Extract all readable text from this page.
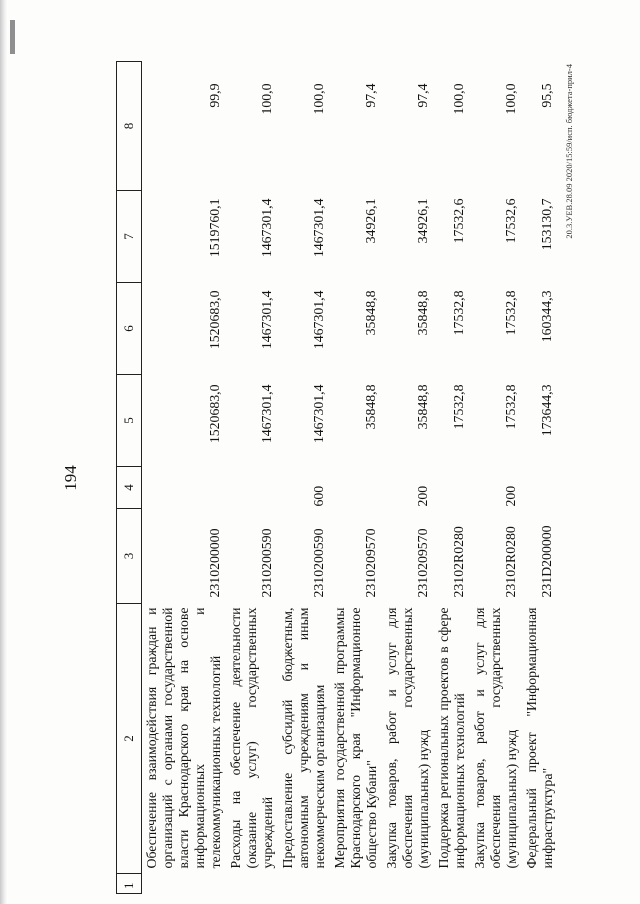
194
1	2	3	4	5	6	7	8
	Обеспечение взаимодействия граждан и организаций с органами государственной власти Краснодарского края на основе информационных и телекоммуникационных технологий	2310200000		1520683,0	1520683,0	1519760,1	99,9
	Расходы на обеспечение деятельности (оказание услуг) государственных учреждений	2310200590		1467301,4	1467301,4	1467301,4	100,0
	Предоставление субсидий бюджетным, автономным учреждениям и иным некоммерческим организациям	2310200590	600	1467301,4	1467301,4	1467301,4	100,0
	Мероприятия государственной программы Краснодарского края "Информационное общество Кубани"	2310209570		35848,8	35848,8	34926,1	97,4
	Закупка товаров, работ и услуг для обеспечения государственных (муниципальных) нужд	2310209570	200	35848,8	35848,8	34926,1	97,4
	Поддержка региональных проектов в сфере информационных технологий	23102R0280		17532,8	17532,8	17532,6	100,0
	Закупка товаров, работ и услуг для обеспечения государственных (муниципальных) нужд	23102R0280	200	17532,8	17532,8	17532,6	100,0
	Федеральный проект "Информационная инфраструктура"	231D200000		173644,3	160344,3	153130,7	95,5 20.3.УЕВ.28.09 2020/15:59/исп. бюджета-прил-4
